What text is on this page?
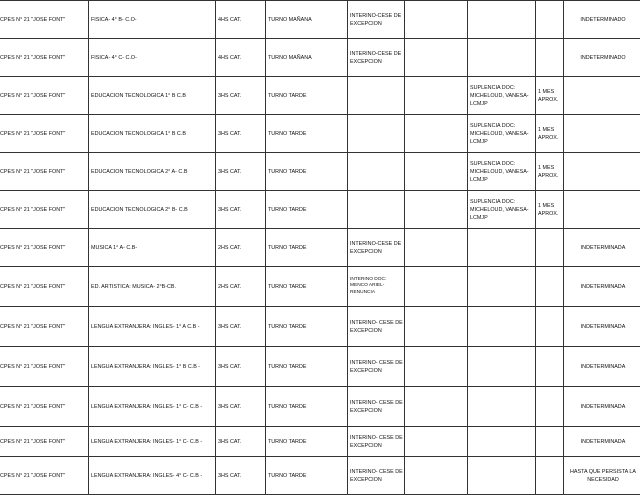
CPES N° 21 "JOSE FONT"	FISICA- 4° B- C.O-	4HS CAT.	TURNO MAÑANA	INTERINO-CESE DE EXCEPCION				INDETERMINADO
CPES N° 21 "JOSE FONT"	FISICA- 4° C- C.O-	4HS CAT.	TURNO MAÑANA	INTERINO-CESE DE EXCEPCION				INDETERMINADO
CPES N° 21 "JOSE FONT"	EDUCACION TECNOLOGICA 1° B C.B	3HS CAT.	TURNO TARDE			SUPLENCIA DOC: MICHELOUD, VANESA-LCMJP	1 MES APROX.	
CPES N° 21 "JOSE FONT"	EDUCACION TECNOLOGICA 1° B C.B	3HS CAT.	TURNO TARDE			SUPLENCIA DOC: MICHELOUD, VANESA-LCMJP	1 MES APROX.	
CPES N° 21 "JOSE FONT"	EDUCACION TECNOLOGICA 2° A- C.B	3HS CAT.	TURNO TARDE			SUPLENCIA DOC: MICHELOUD, VANESA-LCMJP	1 MES APROX.	
CPES N° 21 "JOSE FONT"	EDUCACION TECNOLOGICA 2° B- C.B	3HS CAT.	TURNO TARDE			SUPLENCIA DOC: MICHELOUD, VANESA-LCMJP	1 MES APROX.	
CPES N° 21 "JOSE FONT"	MUSICA 1° A- C.B-	2HS CAT.	TURNO TARDE	INTERINO-CESE DE EXCEPCION				INDETERMINADA
CPES N° 21 "JOSE FONT"	ED. ARTISTICA: MUSICA- 2°B-CB.	2HS CAT.	TURNO TARDE	INTERINO DOC: MENCO ARIEL- RENUNCIA				INDETERMINADA
CPES N° 21 "JOSE FONT"	LENGUA EXTRANJERA: INGLES- 1° A C.B -	3HS CAT.	TURNO TARDE	INTERINO- CESE DE EXCEPCION				INDETERMINADA
CPES N° 21 "JOSE FONT"	LENGUA EXTRANJERA: INGLES- 1° B C.B -	3HS CAT.	TURNO TARDE	INTERINO- CESE DE EXCEPCION				INDETERMINADA
CPES N° 21 "JOSE FONT"	LENGUA EXTRANJERA: INGLES- 1° C- C.B -	3HS CAT.	TURNO TARDE	INTERINO- CESE DE EXCEPCION				INDETERMINADA
CPES N° 21 "JOSE FONT"	LENGUA EXTRANJERA: INGLES- 1° C- C.B -	3HS CAT.	TURNO TARDE	INTERINO- CESE DE EXCEPCION				INDETERMINADA
CPES N° 21 "JOSE FONT"	LENGUA EXTRANJERA: INGLES- 4° C- C.B -	3HS CAT.	TURNO TARDE	INTERINO- CESE DE EXCEPCION				HASTA QUE PERSISTA LA NECESIDAD
